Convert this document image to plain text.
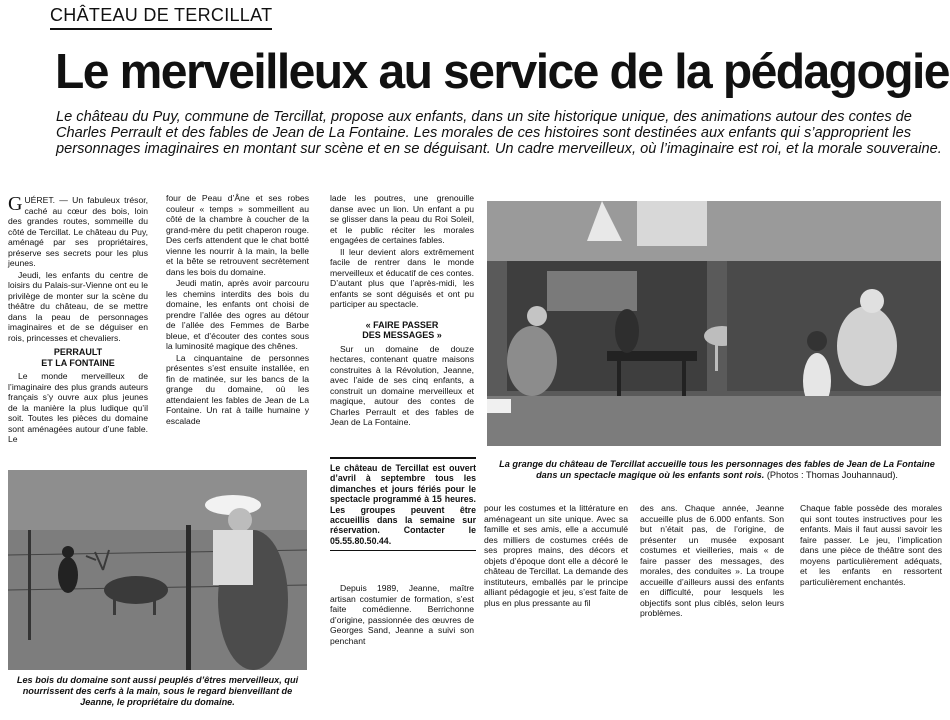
CHÂTEAU DE TERCILLAT
Le merveilleux au service de la pédagogie
Le château du Puy, commune de Tercillat, propose aux enfants, dans un site historique unique, des animations autour des contes de Charles Perrault et des fables de Jean de La Fontaine. Les morales de ces histoires sont destinées aux enfants qui s’approprient les personnages imaginaires en montant sur scène et en se déguisant. Un cadre merveilleux, où l’imaginaire est roi, et la morale souveraine.

GUÉRET. — Un fabuleux trésor, caché au cœur des bois, loin des grandes routes, sommeille du côté de Tercillat. Le château du Puy, aménagé par ses propriétaires, préserve ses secrets pour les plus jeunes.

Jeudi, les enfants du centre de loisirs du Palais-sur-Vienne ont eu le privilège de monter sur la scène du théâtre du château, de se mettre dans la peau de personnages imaginaires et de se déguiser en rois, princesses et chevaliers.

PERRAULT
ET LA FONTAINE

Le monde merveilleux de l’imaginaire des plus grands auteurs français s’y ouvre aux plus jeunes de la manière la plus ludique qu’il soit. Toutes les pièces du domaine sont aménagées autour d’une fable. Le

four de Peau d’Âne et ses robes couleur « temps » sommeillent au côté de la chambre à coucher de la grand-mère du petit chaperon rouge. Des cerfs attendent que le chat botté vienne les nourrir à la main, la belle et la bête se retrouvent secrètement dans les bois du domaine.

Jeudi matin, après avoir parcouru les chemins interdits des bois du domaine, les enfants ont choisi de prendre l’allée des ogres au détour de l’allée des Femmes de Barbe bleue, et d’écouter des contes sous la luminosité magique des chênes.

La cinquantaine de personnes présentes s’est ensuite installée, en fin de matinée, sur les bancs de la grange du domaine, où les attendaient les fables de Jean de La Fontaine. Un rat à taille humaine y escalade

lade les poutres, une grenouille danse avec un lion. Un enfant a pu se glisser dans la peau du Roi Soleil, et le public réciter les morales engagées de certaines fables.

Il leur devient alors extrêmement facile de rentrer dans le monde merveilleux et éducatif de ces contes. D’autant plus que l’après-midi, les enfants se sont déguisés et ont pu participer au spectacle.

« FAIRE PASSER
DES MESSAGES »

Sur un domaine de douze hectares, contenant quatre maisons construites à la Révolution, Jeanne, avec l’aide de ses cinq enfants, a construit un domaine merveilleux et magique, autour des contes de Charles Perrault et des fables de Jean de La Fontaine.

Le château de Tercillat est ouvert d’avril à septembre tous les dimanches et jours fériés pour le spectacle programmé à 15 heures. Les groupes peuvent être accueillis dans la semaine sur réservation. Contacter le 05.55.80.50.44.

Depuis 1989, Jeanne, maître artisan costumier de formation, s’est faite comédienne. Berrichonne d’origine, passionnée des œuvres de Georges Sand, Jeanne a suivi son penchant

La grange du château de Tercillat accueille tous les personnages des fables de Jean de La Fontaine dans un spectacle magique où les enfants sont rois. (Photos : Thomas Jouhannaud).
Les bois du domaine sont aussi peuplés d’êtres merveilleux, qui nourrissent des cerfs à la main, sous le regard bienveillant de Jeanne, le propriétaire du domaine.

pour les costumes et la littérature en aménageant un site unique. Avec sa famille et ses amis, elle a accumulé des milliers de costumes créés de ses propres mains, des décors et objets d’époque dont elle a décoré le château de Tercillat. La demande des instituteurs, emballés par le principe alliant pédagogie et jeu, s’est faite de plus en plus pressante au fil

des ans. Chaque année, Jeanne accueille plus de 6.000 enfants. Son but n’était pas, de l’origine, de présenter un musée exposant costumes et vieilleries, mais « de faire passer des messages, des morales, des conduites ». La troupe accueille d’ailleurs aussi des enfants en difficulté, pour lesquels les objectifs sont plus ciblés, selon leurs problèmes.

Chaque fable possède des morales qui sont toutes instructives pour les enfants. Mais il faut aussi savoir les faire passer. Le jeu, l’implication dans une pièce de théâtre sont des moyens particulièrement adéquats, et les enfants en ressortent particulièrement enchantés.
